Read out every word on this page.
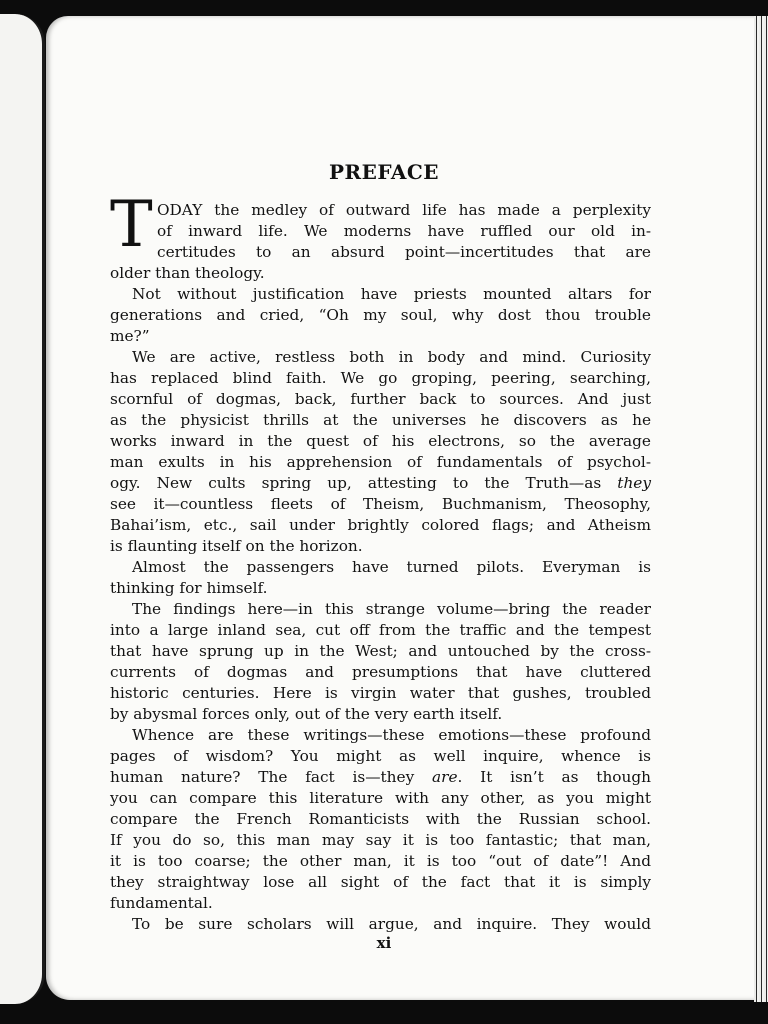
PREFACE
T ODAY the medley of outward life has made a perplexity
of inward life. We moderns have ruffled our old in-
certitudes to an absurd point—incertitudes that are
older than theology.
Not without justification have priests mounted altars for
generations and cried, “Oh my soul, why dost thou trouble
me?”
We are active, restless both in body and mind. Curiosity
has replaced blind faith. We go groping, peering, searching,
scornful of dogmas, back, further back to sources. And just
as the physicist thrills at the universes he discovers as he
works inward in the quest of his electrons, so the average
man exults in his apprehension of fundamentals of psychol-
ogy. New cults spring up, attesting to the Truth—as they
see it—countless fleets of Theism, Buchmanism, Theosophy,
Bahai’ism, etc., sail under brightly colored flags; and Atheism
is flaunting itself on the horizon.
Almost the passengers have turned pilots. Everyman is
thinking for himself.
The findings here—in this strange volume—bring the reader
into a large inland sea, cut off from the traffic and the tempest
that have sprung up in the West; and untouched by the cross-
currents of dogmas and presumptions that have cluttered
historic centuries. Here is virgin water that gushes, troubled
by abysmal forces only, out of the very earth itself.
Whence are these writings—these emotions—these profound
pages of wisdom? You might as well inquire, whence is
human nature? The fact is—they are. It isn’t as though
you can compare this literature with any other, as you might
compare the French Romanticists with the Russian school.
If you do so, this man may say it is too fantastic; that man,
it is too coarse; the other man, it is too “out of date”! And
they straightway lose all sight of the fact that it is simply
fundamental.
To be sure scholars will argue, and inquire. They would
xi
